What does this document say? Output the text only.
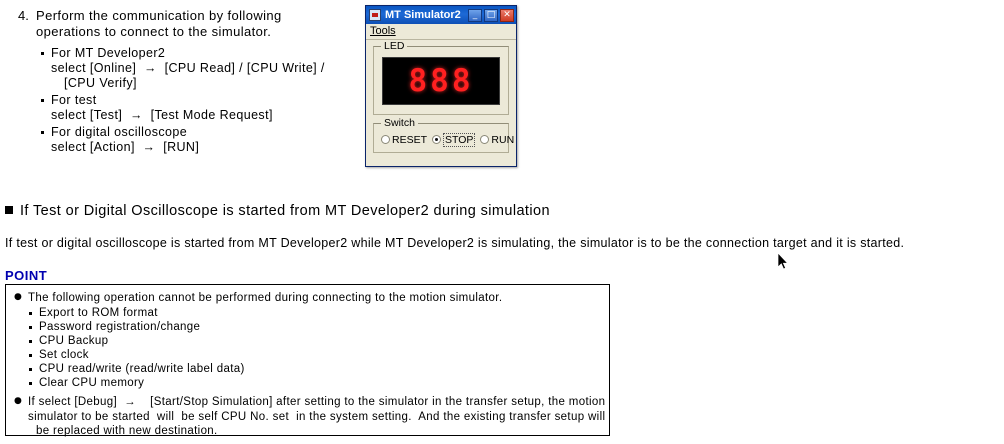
4. Perform the communication by following
operations to connect to the simulator.
For MT Developer2
select [Online]  →  [CPU Read] / [CPU Write] /
[CPU Verify]
For test
select [Test]  →  [Test Mode Request]
For digital oscilloscope
select [Action]  →  [RUN]
MT Simulator2	_	□ ✕
Tools
LED
888
Switch
RESET	STOP	RUN
If Test or Digital Oscilloscope is started from MT Developer2 during simulation
If test or digital oscilloscope is started from MT Developer2 while MT Developer2 is simulating, the simulator is to be the connection target and it is started.
POINT
● The following operation cannot be performed during connecting to the motion simulator.
Export to ROM format
Password registration/change
CPU Backup
Set clock
CPU read/write (read/write label data)
Clear CPU memory
● If select [Debug]  →    [Start/Stop Simulation] after setting to the simulator in the transfer setup, the motion
simulator to be started  will  be self CPU No. set  in the system setting.  And the existing transfer setup will
be replaced with new destination.
